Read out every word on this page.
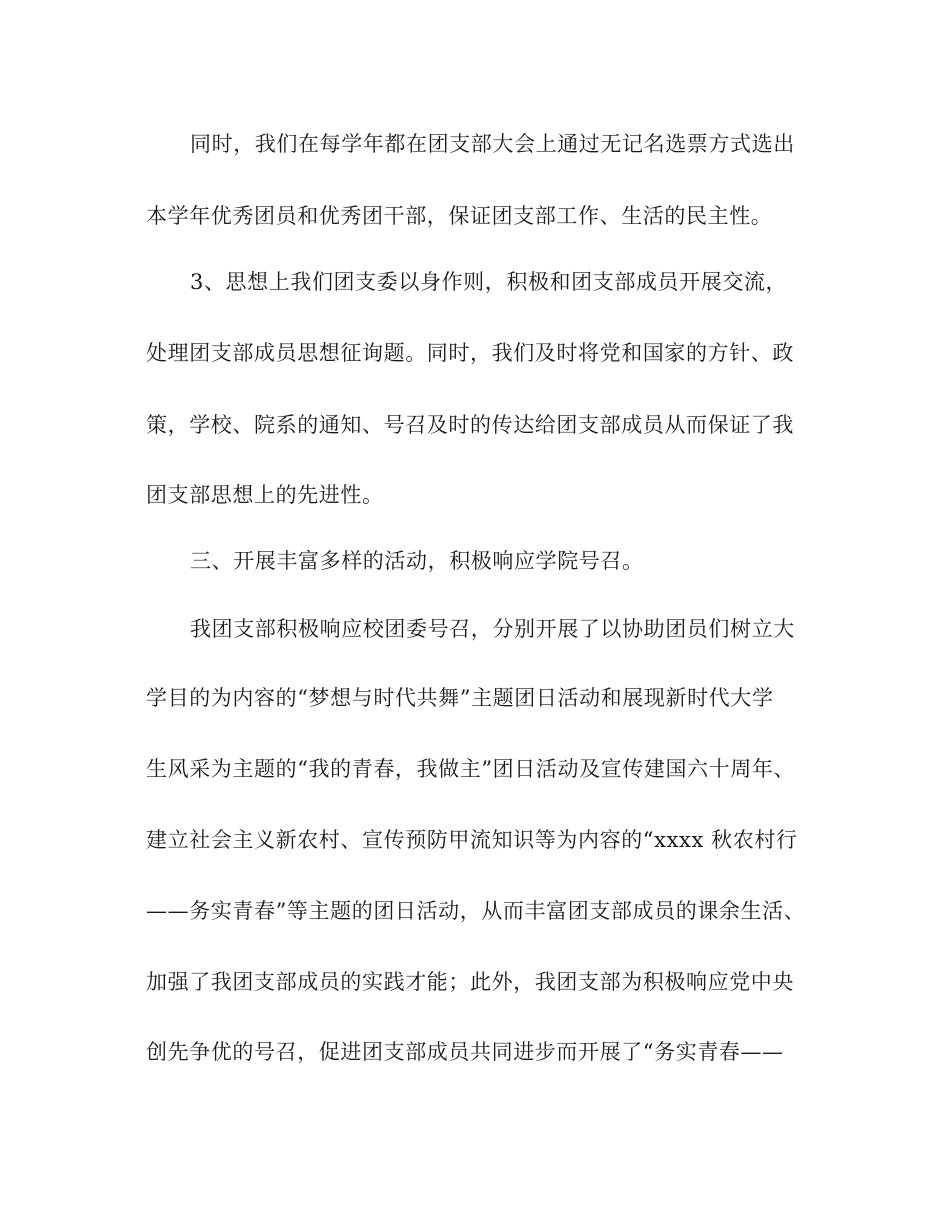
同时，我们在每学年都在团支部大会上通过无记名选票方式选出
本学年优秀团员和优秀团干部，保证团支部工作、生活的民主性。
3、思想上我们团支委以身作则，积极和团支部成员开展交流，
处理团支部成员思想征询题。同时，我们及时将党和国家的方针、政
策，学校、院系的通知、号召及时的传达给团支部成员从而保证了我
团支部思想上的先进性。
三、开展丰富多样的活动，积极响应学院号召。
我团支部积极响应校团委号召，分别开展了以协助团员们树立大
学目的为内容的“梦想与时代共舞”主题团日活动和展现新时代大学
生风采为主题的“我的青春，我做主”团日活动及宣传建国六十周年、
建立社会主义新农村、宣传预防甲流知识等为内容的“xxxx 秋农村行
——务实青春”等主题的团日活动，从而丰富团支部成员的课余生活、
加强了我团支部成员的实践才能；此外，我团支部为积极响应党中央
创先争优的号召，促进团支部成员共同进步而开展了“务实青春——
